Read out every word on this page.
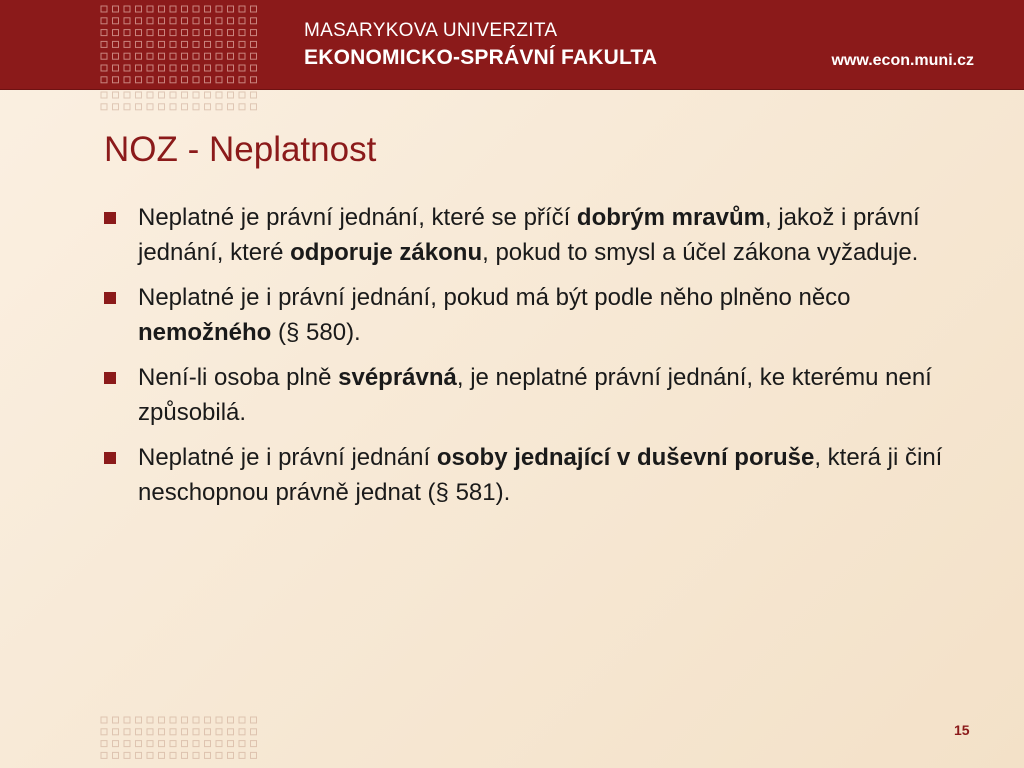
MASARYKOVA UNIVERZITA
EKONOMICKO-SPRÁVNÍ FAKULTA	www.econ.muni.cz
NOZ - Neplatnost
Neplatné je právní jednání, které se příčí dobrým mravům, jakož i právní jednání, které odporuje zákonu, pokud to smysl a účel zákona vyžaduje.
Neplatné je i právní jednání, pokud má být podle něho plněno něco nemožného (§ 580).
Není-li osoba plně svéprávná, je neplatné právní jednání, ke kterému není způsobilá.
Neplatné je i právní jednání osoby jednající v duševní poruše, která ji činí neschopnou právně jednat (§ 581).
15
